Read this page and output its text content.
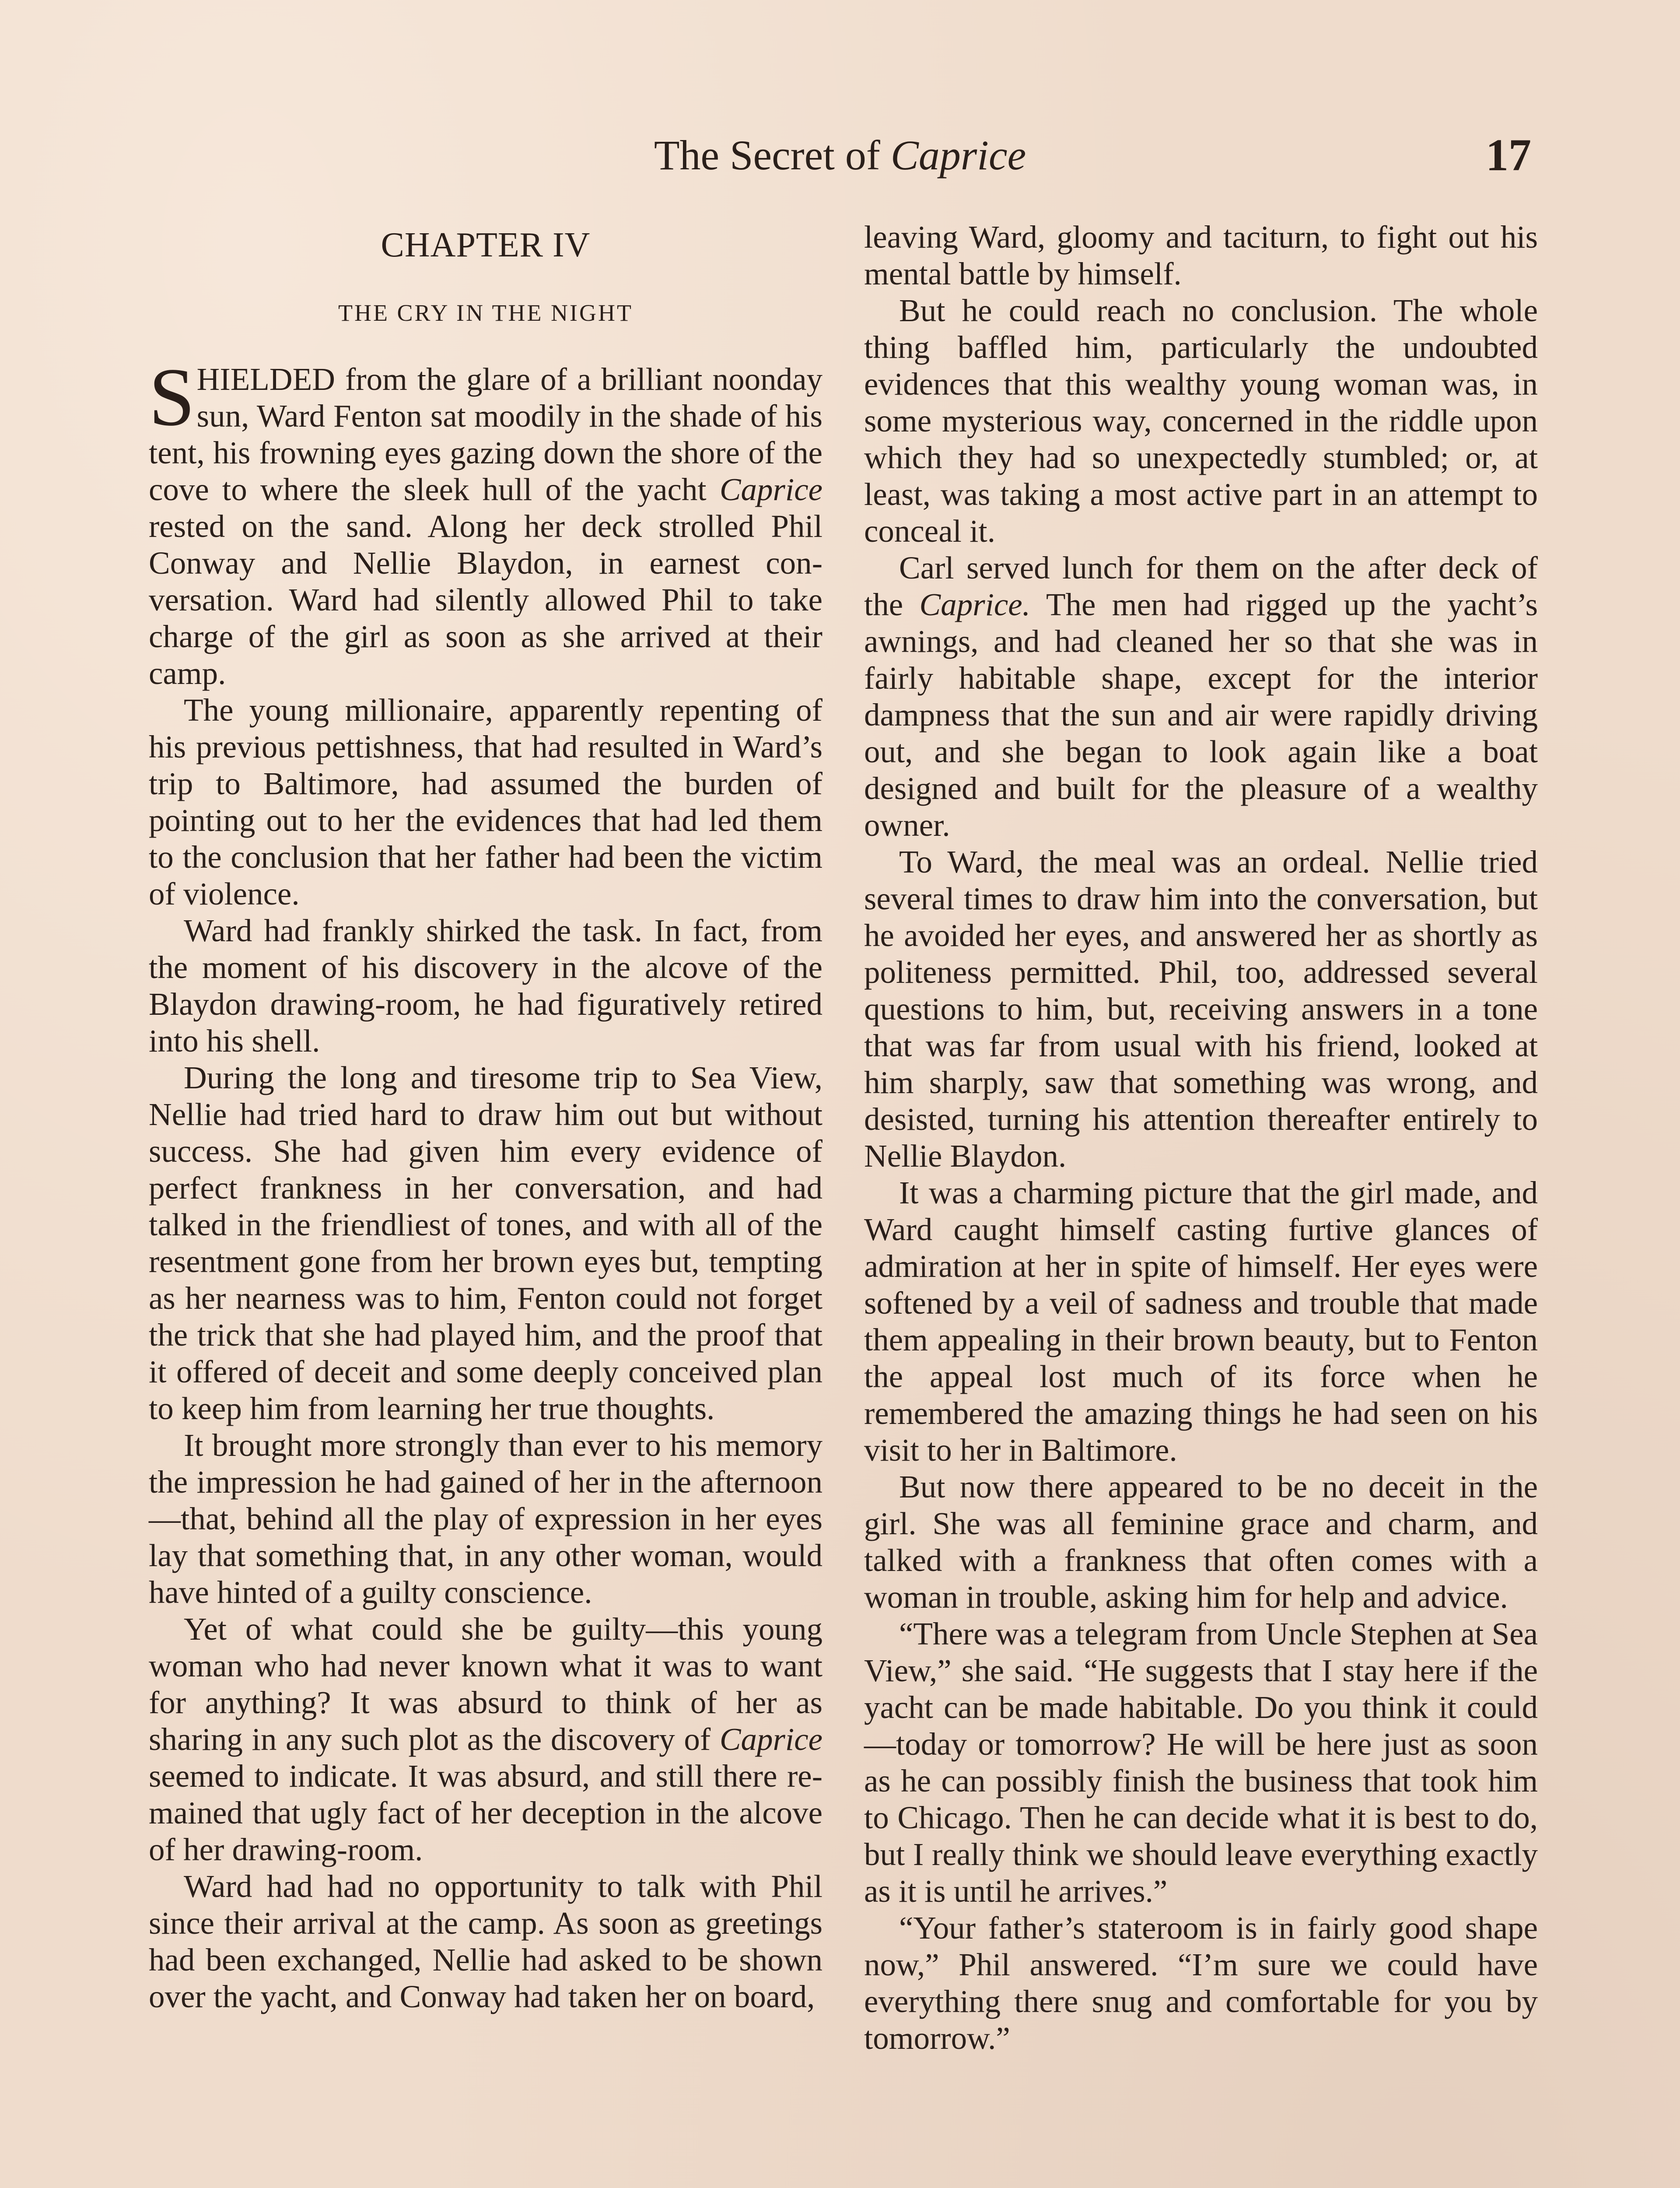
The Secret of Caprice	17
CHAPTER IV
THE CRY IN THE NIGHT

SHIELDED from the glare of a brilliant noonday sun, Ward Fenton sat moodily in the shade of his tent, his frowning eyes gazing down the shore of the cove to where the sleek hull of the yacht Caprice rested on the sand. Along her deck strolled Phil Conway and Nellie Blaydon, in earnest conversation. Ward had silently allowed Phil to take charge of the girl as soon as she arrived at their camp.

The young millionaire, apparently repenting of his previous pettishness, that had resulted in Ward’s trip to Baltimore, had assumed the burden of pointing out to her the evidences that had led them to the conclusion that her father had been the victim of violence.

Ward had frankly shirked the task. In fact, from the moment of his discovery in the alcove of the Blaydon drawing-room, he had figuratively retired into his shell.

During the long and tiresome trip to Sea View, Nellie had tried hard to draw him out but without success. She had given him every evidence of perfect frankness in her conversation, and had talked in the friendliest of tones, and with all of the resentment gone from her brown eyes but, tempting as her nearness was to him, Fenton could not forget the trick that she had played him, and the proof that it offered of deceit and some deeply conceived plan to keep him from learning her true thoughts.

It brought more strongly than ever to his memory the impression he had gained of her in the afternoon—that, behind all the play of expression in her eyes lay that something that, in any other woman, would have hinted of a guilty conscience.

Yet of what could she be guilty—this young woman who had never known what it was to want for anything? It was absurd to think of her as sharing in any such plot as the discovery of Caprice seemed to indicate. It was absurd, and still there remained that ugly fact of her deception in the alcove of her drawing-room.

Ward had had no opportunity to talk with Phil since their arrival at the camp. As soon as greetings had been exchanged, Nellie had asked to be shown over the yacht, and Conway had taken her on board,

leaving Ward, gloomy and taciturn, to fight out his mental battle by himself.

But he could reach no conclusion. The whole thing baffled him, particularly the undoubted evidences that this wealthy young woman was, in some mysterious way, concerned in the riddle upon which they had so unexpectedly stumbled; or, at least, was taking a most active part in an attempt to conceal it.

Carl served lunch for them on the after deck of the Caprice. The men had rigged up the yacht’s awnings, and had cleaned her so that she was in fairly habitable shape, except for the interior dampness that the sun and air were rapidly driving out, and she began to look again like a boat designed and built for the pleasure of a wealthy owner.

To Ward, the meal was an ordeal. Nellie tried several times to draw him into the conversation, but he avoided her eyes, and answered her as shortly as politeness permitted. Phil, too, addressed several questions to him, but, receiving answers in a tone that was far from usual with his friend, looked at him sharply, saw that something was wrong, and desisted, turning his attention thereafter entirely to Nellie Blaydon.

It was a charming picture that the girl made, and Ward caught himself casting furtive glances of admiration at her in spite of himself. Her eyes were softened by a veil of sadness and trouble that made them appealing in their brown beauty, but to Fenton the appeal lost much of its force when he remembered the amazing things he had seen on his visit to her in Baltimore.

But now there appeared to be no deceit in the girl. She was all feminine grace and charm, and talked with a frankness that often comes with a woman in trouble, asking him for help and advice.

“There was a telegram from Uncle Stephen at Sea View,” she said. “He suggests that I stay here if the yacht can be made habitable. Do you think it could—today or tomorrow? He will be here just as soon as he can possibly finish the business that took him to Chicago. Then he can decide what it is best to do, but I really think we should leave everything exactly as it is until he arrives.”

“Your father’s stateroom is in fairly good shape now,” Phil answered. “I’m sure we could have everything there snug and comfortable for you by tomorrow.”
